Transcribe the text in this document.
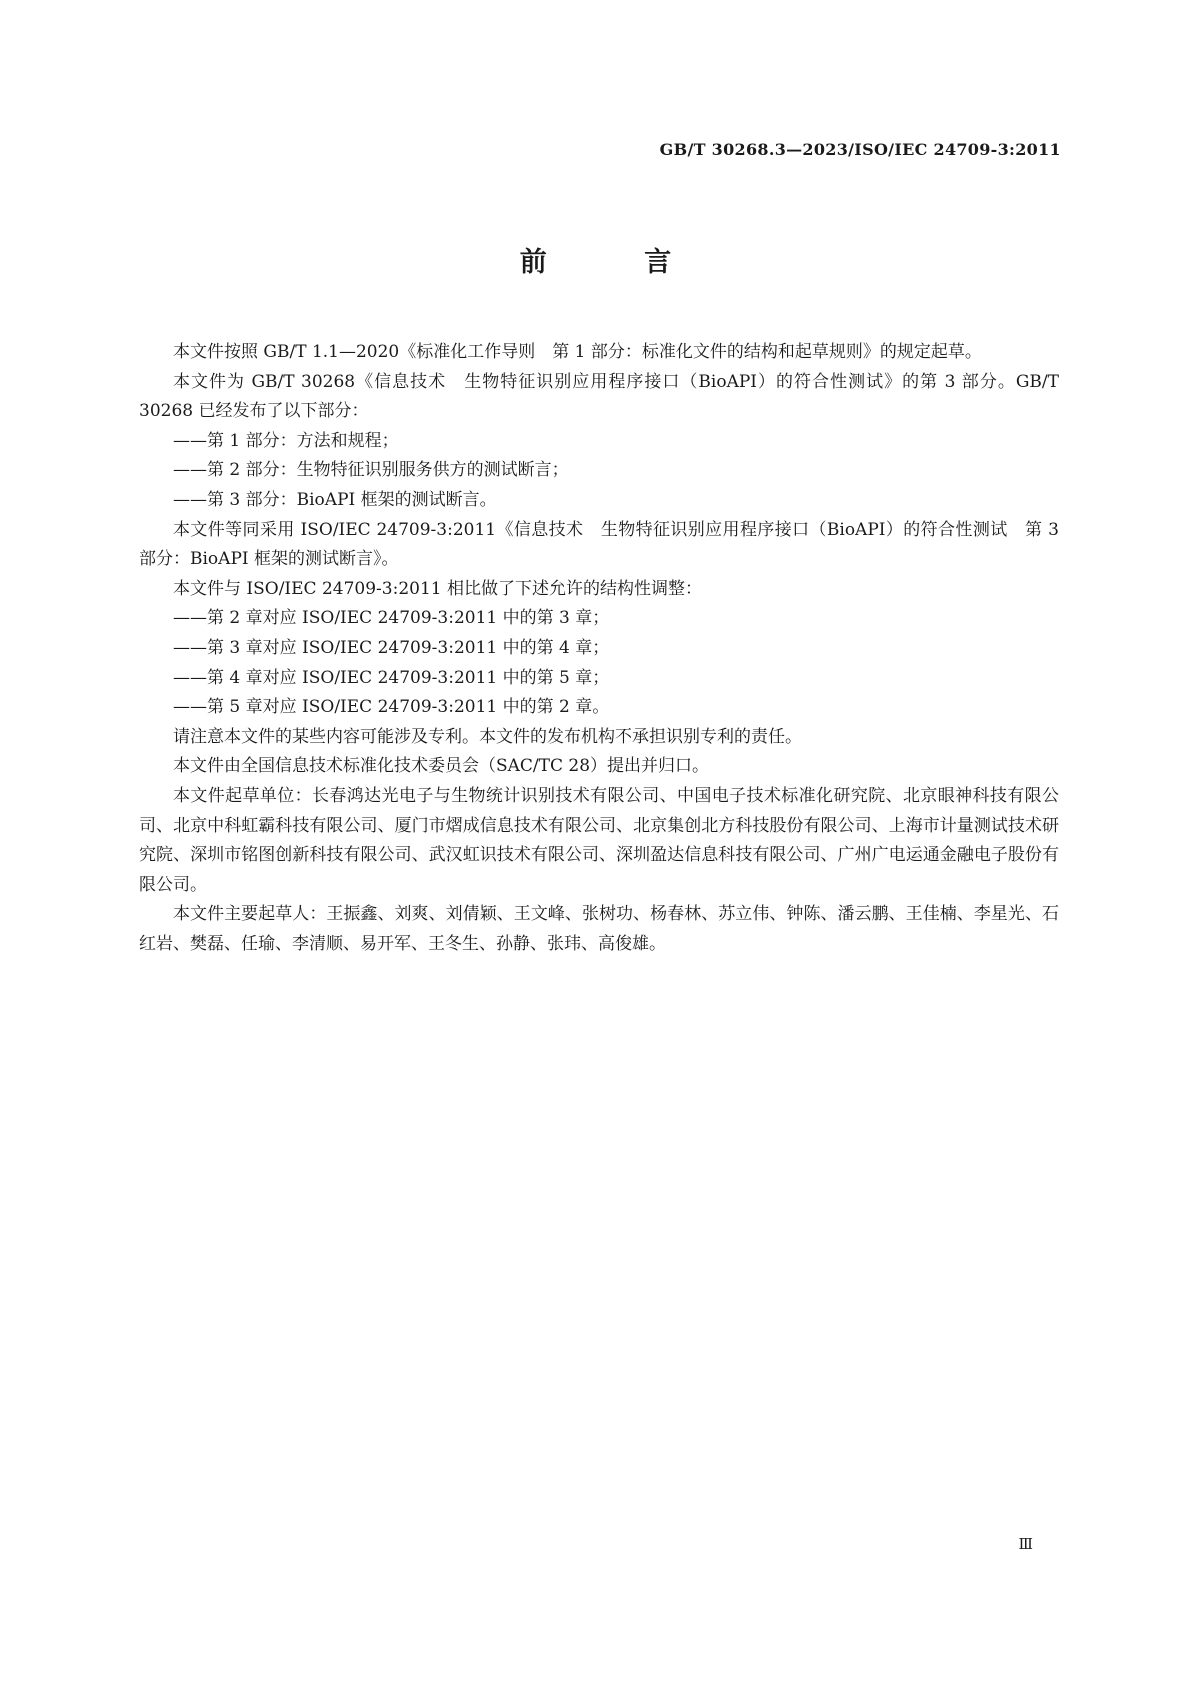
GB/T 30268.3—2023/ISO/IEC 24709-3:2011
前 言

本文件按照 GB/T 1.1—2020《标准化工作导则　第 1 部分：标准化文件的结构和起草规则》的规定起草。

本文件为 GB/T 30268《信息技术　生物特征识别应用程序接口（BioAPI）的符合性测试》的第 3 部分。GB/T 30268 已经发布了以下部分：

——第 1 部分：方法和规程；

——第 2 部分：生物特征识别服务供方的测试断言；

——第 3 部分：BioAPI 框架的测试断言。

本文件等同采用 ISO/IEC 24709-3:2011《信息技术　生物特征识别应用程序接口（BioAPI）的符合性测试　第 3 部分：BioAPI 框架的测试断言》。

本文件与 ISO/IEC 24709-3:2011 相比做了下述允许的结构性调整：

——第 2 章对应 ISO/IEC 24709-3:2011 中的第 3 章；

——第 3 章对应 ISO/IEC 24709-3:2011 中的第 4 章；

——第 4 章对应 ISO/IEC 24709-3:2011 中的第 5 章；

——第 5 章对应 ISO/IEC 24709-3:2011 中的第 2 章。

请注意本文件的某些内容可能涉及专利。本文件的发布机构不承担识别专利的责任。

本文件由全国信息技术标准化技术委员会（SAC/TC 28）提出并归口。

本文件起草单位：长春鸿达光电子与生物统计识别技术有限公司、中国电子技术标准化研究院、北京眼神科技有限公司、北京中科虹霸科技有限公司、厦门市熠成信息技术有限公司、北京集创北方科技股份有限公司、上海市计量测试技术研究院、深圳市铭图创新科技有限公司、武汉虹识技术有限公司、深圳盈达信息科技有限公司、广州广电运通金融电子股份有限公司。

本文件主要起草人：王振鑫、刘爽、刘倩颖、王文峰、张树功、杨春林、苏立伟、钟陈、潘云鹏、王佳楠、李星光、石红岩、樊磊、任瑜、李清顺、易开军、王冬生、孙静、张玮、高俊雄。

Ⅲ
